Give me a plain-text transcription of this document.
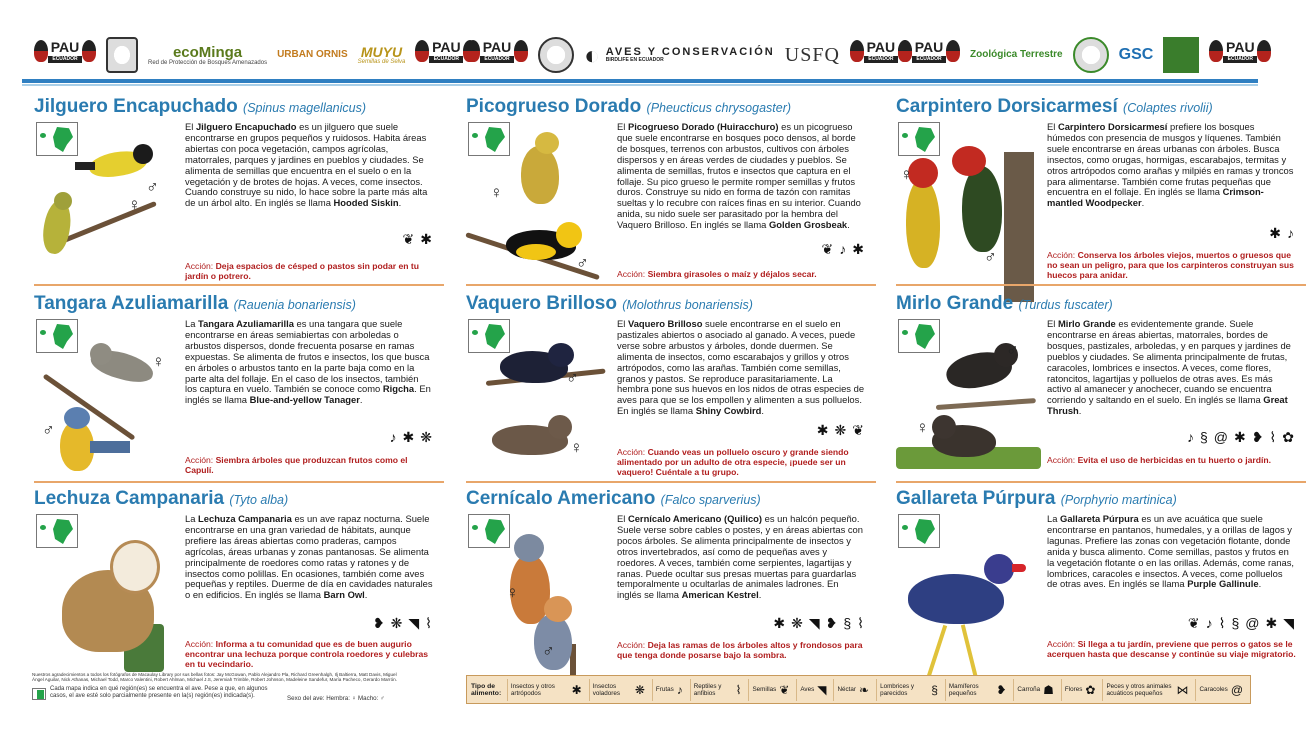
PAU
ECUADOR	ecoMinga
Red de Protección de Bosques Amenazados
URBAN ORNIS MUYU
Semillas de Selva
PAU
ECUADOR
PAU
ECUADOR	◐ AVES Y CONSERVACIÓN
BIRDLIFE EN ECUADOR	USFQ PAU
ECUADOR
PAU
ECUADOR	Zoológica Terrestre	GSC	PAU
ECUADOR
Jilguero Encapuchado (Spinus magellanicus)
♂
♀
El Jilguero Encapuchado es un jilguero que suele encontrarse en grupos pequeños y ruidosos. Habita áreas abiertas con poca vegetación, campos agrícolas, matorrales, parques y jardines en pueblos y ciudades. Se alimenta de semillas que encuentra en el suelo o en la vegetación y de brotes de hojas. A veces, come insectos. Cuando construye su nido, lo hace sobre la parte más alta de un árbol alto. En inglés se llama Hooded Siskin.
❦ ✱
Acción: Deja espacios de césped o pastos sin podar en tu jardín o potrero.
Picogrueso Dorado (Pheucticus chrysogaster)
♀
♂
El Picogrueso Dorado (Huiracchuro) es un picogrueso que suele encontrarse en bosques poco densos, al borde de bosques, terrenos con arbustos, cultivos con árboles dispersos y en áreas verdes de ciudades y pueblos. Se alimenta de semillas, frutos e insectos que captura en el follaje. Su pico grueso le permite romper semillas y frutos duros. Construye su nido en forma de tazón con ramitas sueltas y lo recubre con raíces finas en su interior. Cuando anida, su nido suele ser parasitado por la hembra del Vaquero Brilloso. En inglés se llama Golden Grosbeak.
❦ ♪ ✱
Acción: Siembra girasoles o maíz y déjalos secar.
Carpintero Dorsicarmesí (Colaptes rivolii)
♀
♂
El Carpintero Dorsicarmesí prefiere los bosques húmedos con presencia de musgos y líquenes. También suele encontrarse en áreas urbanas con árboles. Busca insectos, como orugas, hormigas, escarabajos, termitas y otros artrópodos como arañas y milpiés en ramas y troncos para alimentarse. También come frutas pequeñas que encuentra en el follaje. En inglés se llama Crimson-mantled Woodpecker.
✱ ♪
Acción: Conserva los árboles viejos, muertos o gruesos que no sean un peligro, para que los carpinteros construyan sus huecos para anidar.
Tangara Azuliamarilla (Rauenia bonariensis)
♀
♂
La Tangara Azuliamarilla es una tangara que suele encontrarse en áreas semiabiertas con arboledas o arbustos dispersos, donde frecuenta posarse en ramas expuestas. Se alimenta de frutos e insectos, los que busca en árboles o arbustos tanto en la parte baja como en la parte alta del follaje. En el caso de los insectos, también los captura en vuelo. También se conoce como Rigcha. En inglés se llama Blue-and-yellow Tanager.
♪ ✱ ❋
Acción: Siembra árboles que produzcan frutos como el Capulí.
Vaquero Brilloso (Molothrus bonariensis)
♂
♀
El Vaquero Brilloso suele encontrarse en el suelo en pastizales abiertos o asociado al ganado. A veces, puede verse sobre arbustos y árboles, donde duermen. Se alimenta de insectos, como escarabajos y grillos y otros artrópodos, como las arañas. También come semillas, granos y pastos. Se reproduce parasitariamente. La hembra pone sus huevos en los nidos de otras especies de aves para que se los empollen y alimenten a sus polluelos. En inglés se llama Shiny Cowbird.
✱ ❋ ❦
Acción: Cuando veas un polluelo oscuro y grande siendo alimentado por un adulto de otra especie, ¡puede ser un vaquero! Cuéntale a tu grupo.
Mirlo Grande (Turdus fuscater)
♂
♀
El Mirlo Grande es evidentemente grande. Suele encontrarse en áreas abiertas, matorrales, bordes de bosques, pastizales, arboledas, y en parques y jardines de pueblos y ciudades. Se alimenta principalmente de frutas, caracoles, lombrices e insectos. A veces, come flores, ratoncitos, lagartijas y polluelos de otras aves. Es más activo al amanecer y anochecer, cuando se encuentra corriendo y saltando en el suelo. En inglés se llama Great Thrush.
♪ § @ ✱ ❥ ⌇ ✿
Acción: Evita el uso de herbicidas en tu huerto o jardín.
Lechuza Campanaria (Tyto alba)
La Lechuza Campanaria es un ave rapaz nocturna. Suele encontrarse en una gran variedad de hábitats, aunque prefiere las áreas abiertas como praderas, campos agrícolas, áreas urbanas y zonas pantanosas. Se alimenta principalmente de roedores como ratas y ratones y de insectos como polillas. En ocasiones, también come aves pequeñas y reptiles. Duerme de día en cavidades naturales o en edificios. En inglés se llama Barn Owl.
❥ ❋ ◥ ⌇
Acción: Informa a tu comunidad que es de buen augurio encontrar una lechuza porque controla roedores y culebras en tu vecindario.
Cernícalo Americano (Falco sparverius)
♀
♂
El Cernícalo Americano (Quilico) es un halcón pequeño. Suele verse sobre cables o postes, y en áreas abiertas con pocos árboles. Se alimenta principalmente de insectos y otros invertebrados, así como de pequeñas aves y roedores. A veces, también come serpientes, lagartijas y ranas. Puede ocultar sus presas muertas para guardarlas temporalmente u ocultarlas de animales ladrones. En inglés se llama American Kestrel.
✱ ❋ ◥ ❥ § ⌇
Acción: Deja las ramas de los árboles altos y frondosos para que tenga donde posarse bajo la sombra.
Gallareta Púrpura (Porphyrio martinica)
La Gallareta Púrpura es un ave acuática que suele encontrarse en pantanos, humedales, y a orillas de lagos y lagunas. Prefiere las zonas con vegetación flotante, donde anida y busca alimento. Come semillas, pastos y frutos en la vegetación flotante o en las orillas. Además, come ranas, lombrices, caracoles e insectos. A veces, come polluelos de otras aves. En inglés se llama Purple Gallinule.
❦ ♪ ⌇ § @ ✱ ◥
Acción: Si llega a tu jardín, previene que perros o gatos se le acerquen hasta que descanse y continúe su viaje migratorio.
Nuestros agradecimientos a todos los fotógrafos de Macaulay Library por sus bellas fotos: Jay McGowan, Pablo Alejandro Pla, Richard Greenhalgh, Ilj Baltierra, Matt Davis, Miguel Ángel Aguilar, Nick Athanas, Michael Todd, Marco Valentini, Robert Ahlman, Michael J.S, Jeremiah Trimble, Robert Johnson, Madeleine Sandefur, María Pacheco, Gerardo Marrón.
Cada mapa indica en qué región(es) se encuentra el ave. Pese a que, en algunos casos, el ave esté solo parcialmente presente en la(s) región(es) indicada(s).	Sexo del ave: Hembra: ♀ Macho: ♂
Tipo de alimento:
Insectos y otros artrópodos	✱ Insectos voladores	❋ Frutas ♪ Reptiles y anfibios	⌇ Semillas ❦ Aves ◥ Néctar ❧ Lombrices y parecidos	§ Mamíferos pequeños	❥ Carroña ☗ Flores ✿ Peces y otros animales acuáticos pequeños	⋈ Caracoles @
